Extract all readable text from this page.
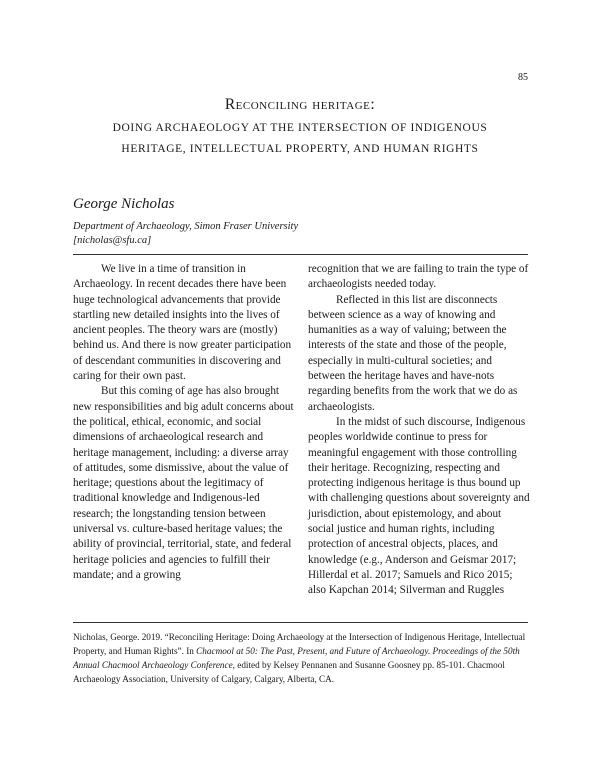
85

Reconciling heritage:

DOING ARCHAEOLOGY AT THE INTERSECTION OF INDIGENOUS

HERITAGE, INTELLECTUAL PROPERTY, AND HUMAN RIGHTS

George Nicholas

Department of Archaeology, Simon Fraser University
[nicholas@sfu.ca]

We live in a time of transition in Archaeology. In recent decades there have been huge technological advancements that provide startling new detailed insights into the lives of ancient peoples. The theory wars are (mostly) behind us. And there is now greater participation of descendant communities in discovering and caring for their own past.

But this coming of age has also brought new responsibilities and big adult concerns about the political, ethical, economic, and social dimensions of archaeological research and heritage management, including: a diverse array of attitudes, some dismissive, about the value of heritage; questions about the legitimacy of traditional knowledge and Indigenous-led research; the longstanding tension between universal vs. culture-based heritage values; the ability of provincial, territorial, state, and federal heritage policies and agencies to fulfill their mandate; and a growing

recognition that we are failing to train the type of archaeologists needed today.

Reflected in this list are disconnects between science as a way of knowing and humanities as a way of valuing; between the interests of the state and those of the people, especially in multi-cultural societies; and between the heritage haves and have-nots regarding benefits from the work that we do as archaeologists.

In the midst of such discourse, Indigenous peoples worldwide continue to press for meaningful engagement with those controlling their heritage. Recognizing, respecting and protecting indigenous heritage is thus bound up with challenging questions about sovereignty and jurisdiction, about epistemology, and about social justice and human rights, including protection of ancestral objects, places, and knowledge (e.g., Anderson and Geismar 2017; Hillerdal et al. 2017; Samuels and Rico 2015; also Kapchan 2014; Silverman and Ruggles

Nicholas, George. 2019. “Reconciling Heritage: Doing Archaeology at the Intersection of Indigenous Heritage, Intellectual Property, and Human Rights”. In Chacmool at 50: The Past, Present, and Future of Archaeology. Proceedings of the 50th Annual Chacmool Archaeology Conference, edited by Kelsey Pennanen and Susanne Goosney pp. 85-101. Chacmool Archaeology Association, University of Calgary, Calgary, Alberta, CA.
